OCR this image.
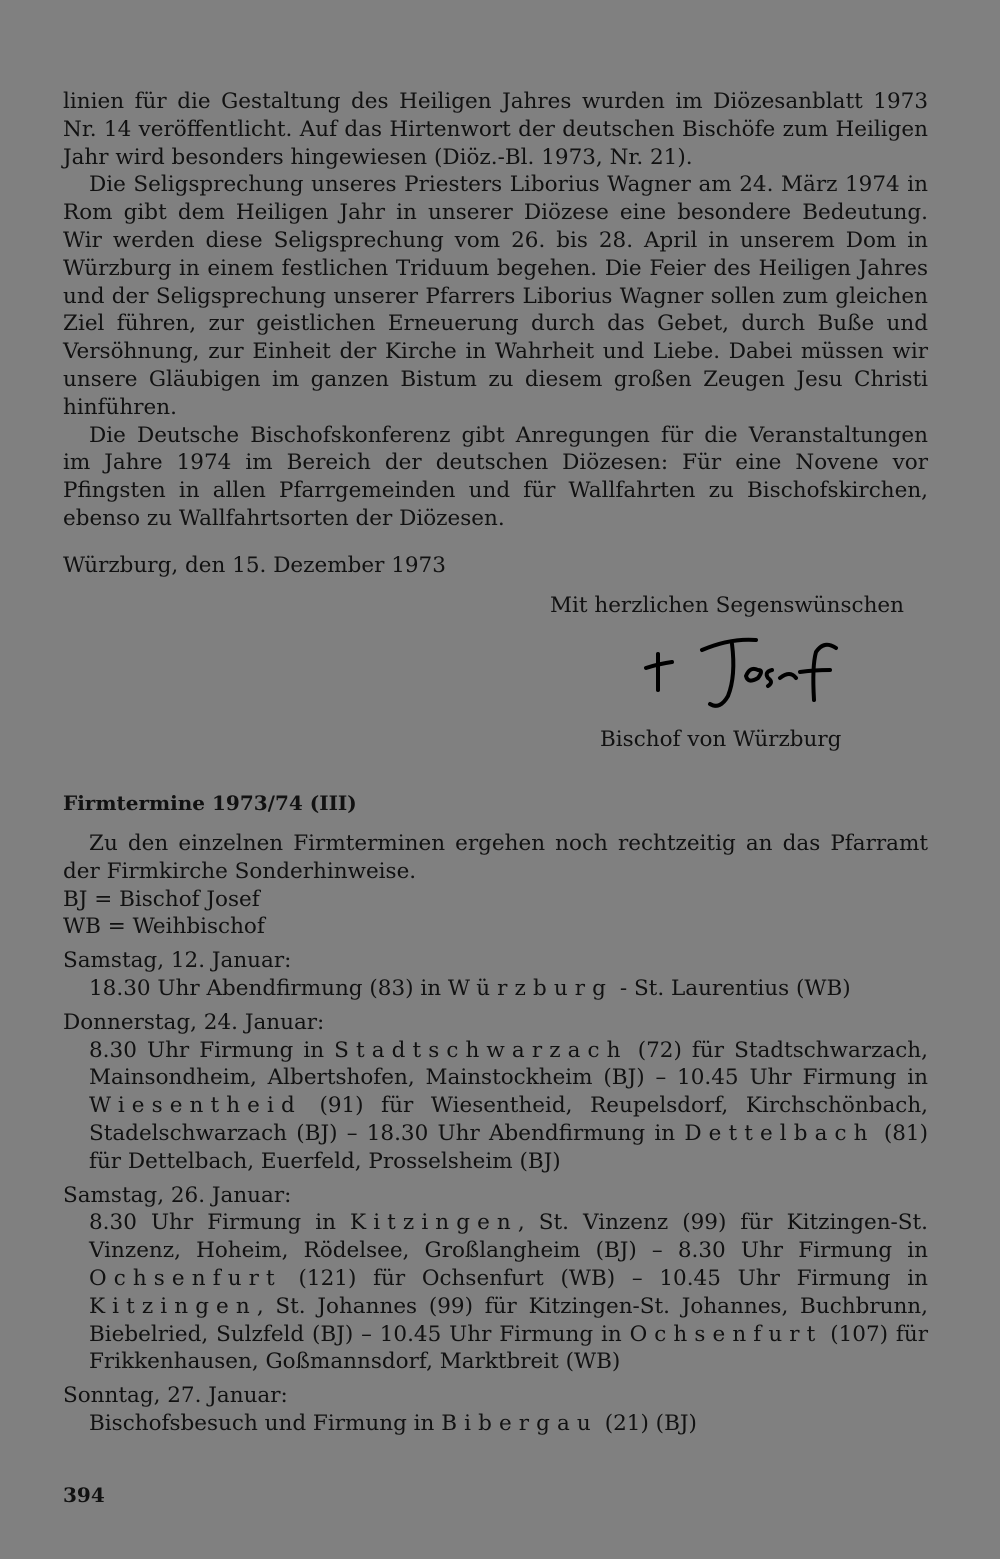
linien für die Gestaltung des Heiligen Jahres wurden im Diözesanblatt 1973 Nr. 14 veröffentlicht. Auf das Hirtenwort der deutschen Bischöfe zum Heiligen Jahr wird besonders hingewiesen (Diöz.-Bl. 1973, Nr. 21).

Die Seligsprechung unseres Priesters Liborius Wagner am 24. März 1974 in Rom gibt dem Heiligen Jahr in unserer Diözese eine besondere Bedeutung. Wir werden diese Seligsprechung vom 26. bis 28. April in unserem Dom in Würzburg in einem festlichen Triduum begehen. Die Feier des Heiligen Jahres und der Seligsprechung unserer Pfarrers Liborius Wagner sollen zum gleichen Ziel führen, zur geistlichen Erneuerung durch das Gebet, durch Buße und Versöhnung, zur Einheit der Kirche in Wahrheit und Liebe. Dabei müssen wir unsere Gläubigen im ganzen Bistum zu diesem großen Zeugen Jesu Christi hinführen.

Die Deutsche Bischofskonferenz gibt Anregungen für die Veranstaltungen im Jahre 1974 im Bereich der deutschen Diözesen: Für eine Novene vor Pfingsten in allen Pfarrgemeinden und für Wallfahrten zu Bischofskirchen, ebenso zu Wallfahrtsorten der Diözesen.

Würzburg, den 15. Dezember 1973
Mit herzlichen Segenswünschen
Bischof von Würzburg
Firmtermine 1973/74 (III)

Zu den einzelnen Firmterminen ergehen noch rechtzeitig an das Pfarramt der Firmkirche Sonderhinweise.

BJ = Bischof Josef
WB = Weihbischof
Samstag, 12. Januar:

18.30 Uhr Abendfirmung (83) in Würzburg - St. Laurentius (WB)

Donnerstag, 24. Januar:

8.30 Uhr Firmung in Stadtschwarzach (72) für Stadtschwarzach, Mainsondheim, Albertshofen, Mainstockheim (BJ) – 10.45 Uhr Firmung in Wiesentheid (91) für Wiesentheid, Reupelsdorf, Kirchschönbach, Stadelschwarzach (BJ) – 18.30 Uhr Abendfirmung in Dettelbach (81) für Dettelbach, Euerfeld, Prosselsheim (BJ)

Samstag, 26. Januar:

8.30 Uhr Firmung in Kitzingen, St. Vinzenz (99) für Kitzingen-St. Vinzenz, Hoheim, Rödelsee, Großlangheim (BJ) – 8.30 Uhr Firmung in Ochsenfurt (121) für Ochsenfurt (WB) – 10.45 Uhr Firmung in Kitzingen, St. Johannes (99) für Kitzingen-St. Johannes, Buchbrunn, Biebelried, Sulzfeld (BJ) – 10.45 Uhr Firmung in Ochsenfurt (107) für Frikkenhausen, Goßmannsdorf, Marktbreit (WB)

Sonntag, 27. Januar:

Bischofsbesuch und Firmung in Bibergau (21) (BJ)

394
